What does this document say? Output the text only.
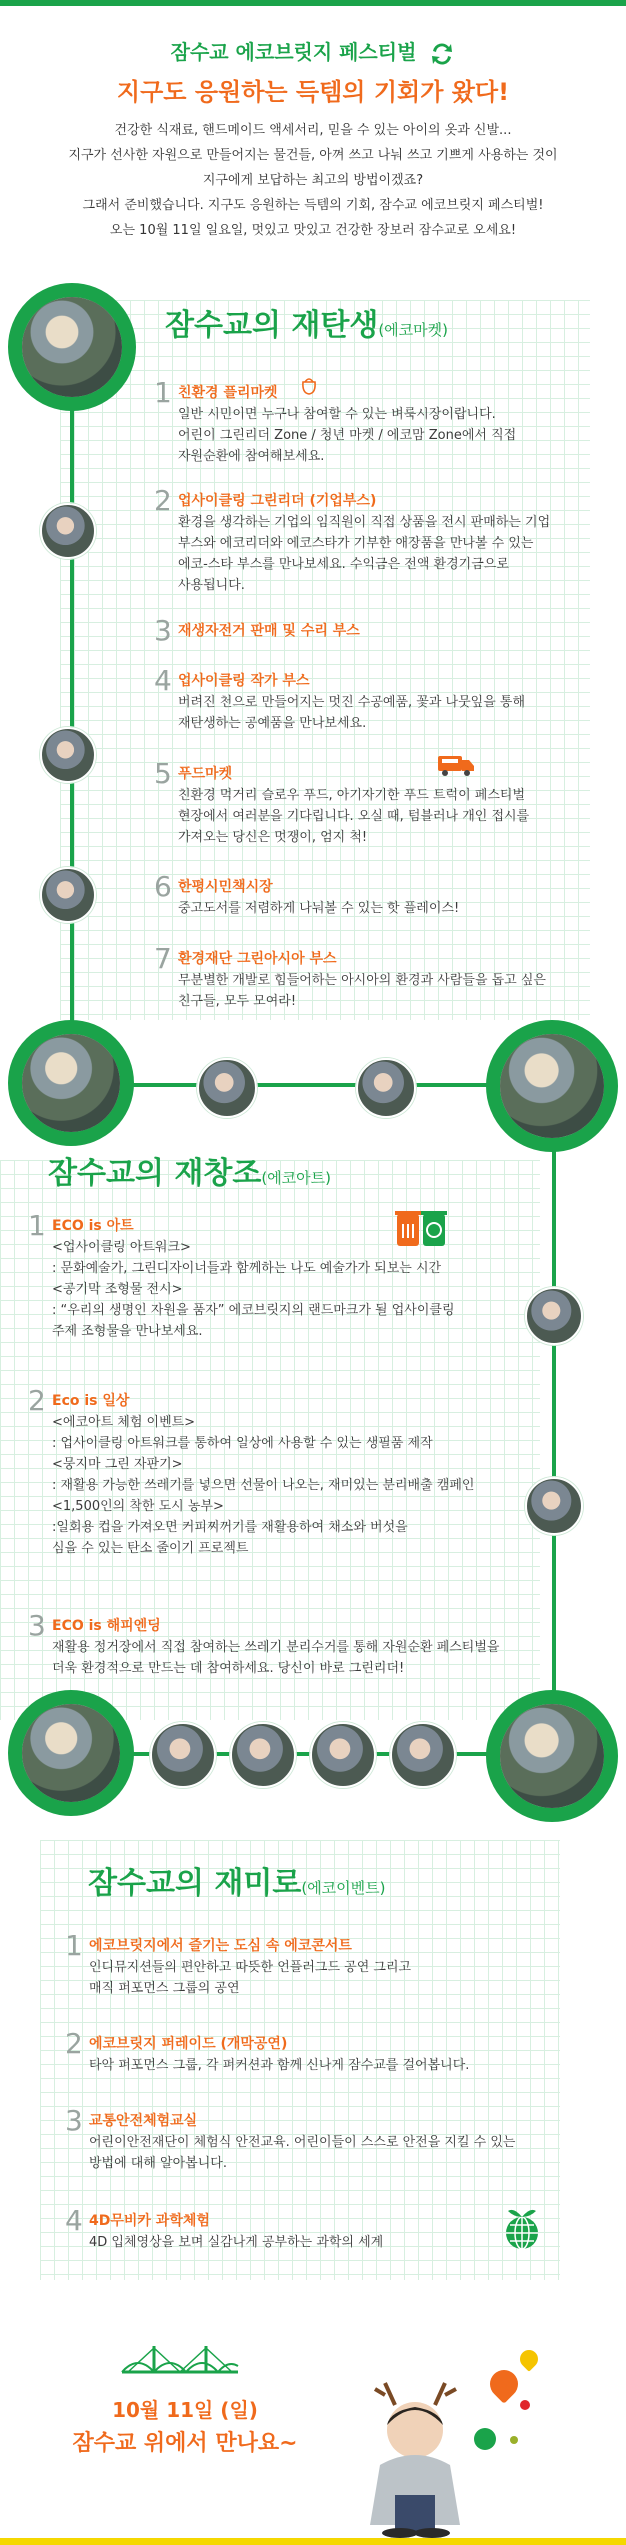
잠수교 에코브릿지 페스티벌
지구도 응원하는 득템의 기회가 왔다!
건강한 식재료, 핸드메이드 액세서리, 믿을 수 있는 아이의 옷과 신발...
지구가 선사한 자원으로 만들어지는 물건들, 아껴 쓰고 나눠 쓰고 기쁘게 사용하는 것이
지구에게 보답하는 최고의 방법이겠죠?
그래서 준비했습니다. 지구도 응원하는 득템의 기회, 잠수교 에코브릿지 페스티벌!
오는 10월 11일 일요일, 멋있고 맛있고 건강한 장보러 잠수교로 오세요!
잠수교의 재탄생(에코마켓)
1 친환경 플리마켓
일반 시민이면 누구나 참여할 수 있는 벼룩시장이랍니다.
어린이 그린리더 Zone / 청년 마켓 / 에코맘 Zone에서 직접
자원순환에 참여해보세요.
2 업사이클링 그린리더 (기업부스)
환경을 생각하는 기업의 임직원이 직접 상품을 전시 판매하는 기업
부스와 에코리더와 에코스타가 기부한 애장품을 만나볼 수 있는
에코-스타 부스를 만나보세요. 수익금은 전액 환경기금으로
사용됩니다.
3 재생자전거 판매 및 수리 부스
4 업사이클링 작가 부스
버려진 천으로 만들어지는 멋진 수공예품, 꽃과 나뭇잎을 통해
재탄생하는 공예품을 만나보세요.
5 푸드마켓
친환경 먹거리 슬로우 푸드, 아기자기한 푸드 트럭이 페스티벌
현장에서 여러분을 기다립니다. 오실 때, 텀블러나 개인 접시를
가져오는 당신은 멋쟁이, 엄지 척!
6 한평시민책시장
중고도서를 저렴하게 나눠볼 수 있는 핫 플레이스!
7 환경재단 그린아시아 부스
무분별한 개발로 힘들어하는 아시아의 환경과 사람들을 돕고 싶은
친구들, 모두 모여라!
잠수교의 재창조(에코아트)
1 ECO is 아트
<업사이클링 아트워크>
: 문화예술가, 그린디자이너들과 함께하는 나도 예술가가 되보는 시간
<공기막 조형물 전시>
: “우리의 생명인 자원을 품자” 에코브릿지의 랜드마크가 될 업사이클링
주제 조형물을 만나보세요.
2 Eco is 일상
<에코아트 체험 이벤트>
: 업사이클링 아트워크를 통하여 일상에 사용할 수 있는 생필품 제작
<뭉지마 그린 자판기>
: 재활용 가능한 쓰레기를 넣으면 선물이 나오는, 재미있는 분리배출 캠페인
<1,500인의 착한 도시 농부>
:일회용 컵을 가져오면 커피찌꺼기를 재활용하여 채소와 버섯을
심을 수 있는 탄소 줄이기 프로젝트
3 ECO is 해피엔딩
재활용 정거장에서 직접 참여하는 쓰레기 분리수거를 통해 자원순환 페스티벌을
더욱 환경적으로 만드는 데 참여하세요. 당신이 바로 그린리더!
잠수교의 재미로(에코이벤트)
1 에코브릿지에서 즐기는 도심 속 에코콘서트
인디뮤지션들의 편안하고 따뜻한 언플러그드 공연 그리고
매직 퍼포먼스 그룹의 공연
2 에코브릿지 퍼레이드 (개막공연)
타악 퍼포먼스 그룹, 각 퍼커션과 함께 신나게 잠수교를 걸어봅니다.
3 교통안전체험교실
어린이안전재단이 체험식 안전교육. 어린이들이 스스로 안전을 지킬 수 있는
방법에 대해 알아봅니다.
4 4D무비카 과학체험
4D 입체영상을 보며 실감나게 공부하는 과학의 세계
10월 11일 (일)
잠수교 위에서 만나요~
